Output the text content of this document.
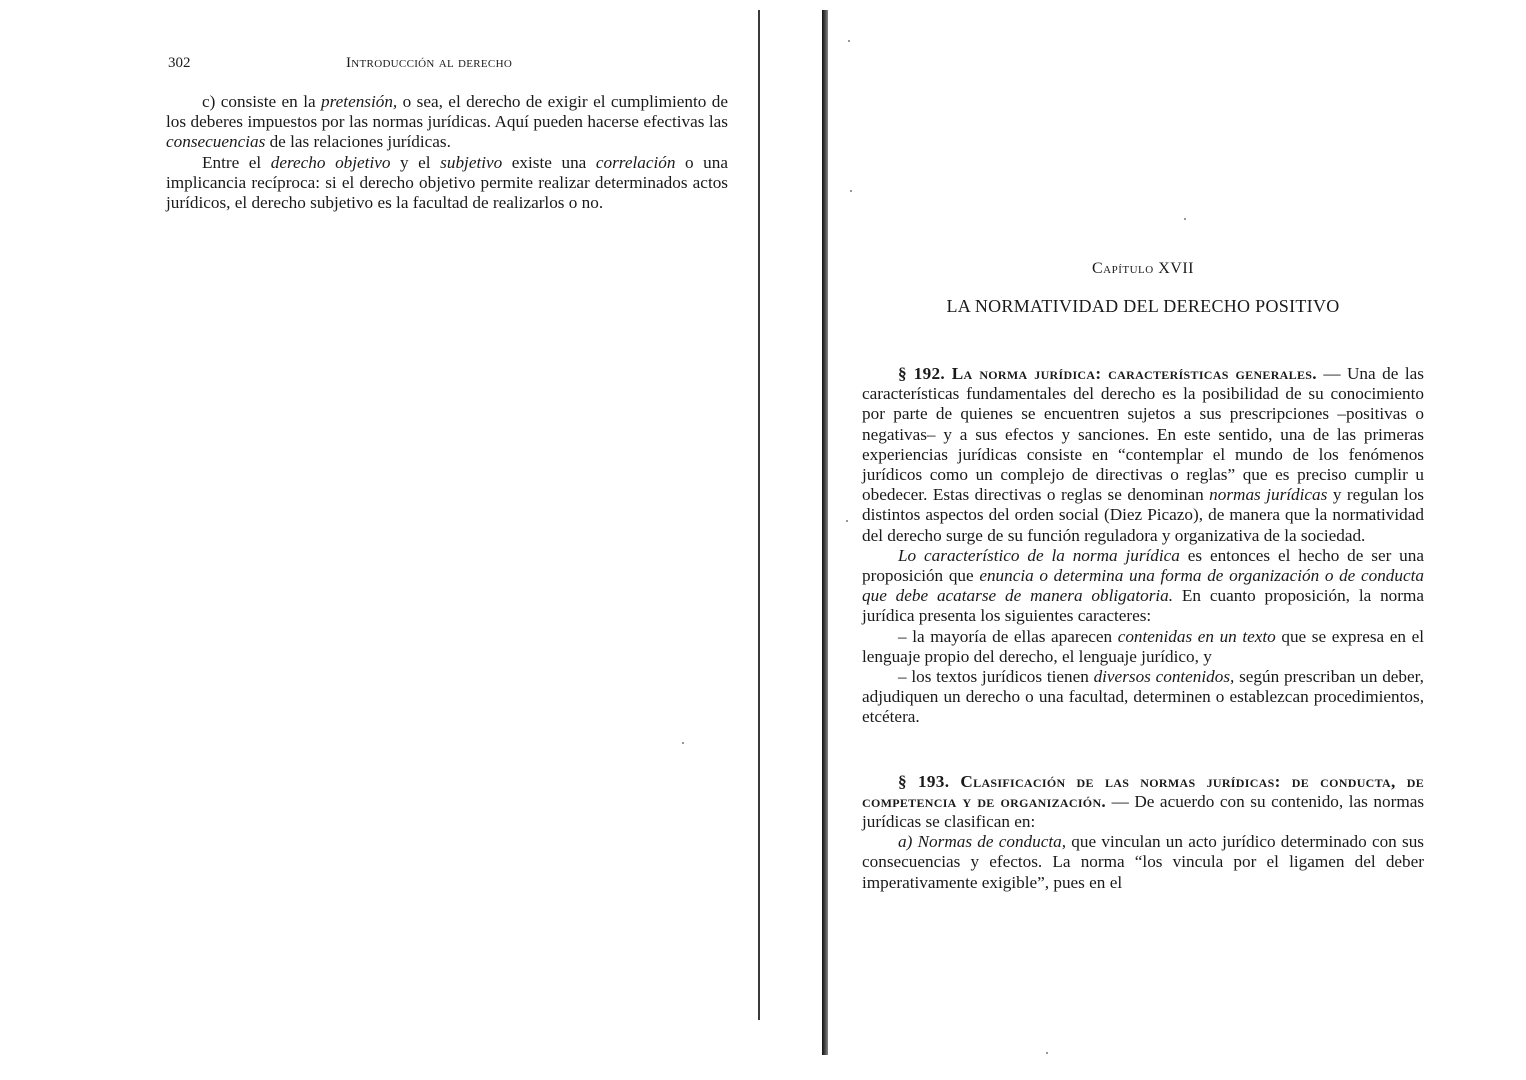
302	Introducción al derecho

c) consiste en la pretensión, o sea, el derecho de exigir el cumplimiento de los deberes impuestos por las normas jurídicas. Aquí pueden hacerse efectivas las consecuencias de las relaciones jurídicas.

Entre el derecho objetivo y el subjetivo existe una correlación o una implicancia recíproca: si el derecho objetivo permite realizar determinados actos jurídicos, el derecho subjetivo es la facultad de realizarlos o no.

Capítulo XVII
LA NORMATIVIDAD DEL DERECHO POSITIVO

§ 192. La norma jurídica: características generales. — Una de las características fundamentales del derecho es la posibilidad de su conocimiento por parte de quienes se encuentren sujetos a sus prescripciones –positivas o negativas– y a sus efectos y sanciones. En este sentido, una de las primeras experiencias jurídicas consiste en “contemplar el mundo de los fenómenos jurídicos como un complejo de directivas o reglas” que es preciso cumplir u obedecer. Estas directivas o reglas se denominan normas jurídicas y regulan los distintos aspectos del orden social (Diez Picazo), de manera que la normatividad del derecho surge de su función reguladora y organizativa de la sociedad.

Lo característico de la norma jurídica es entonces el hecho de ser una proposición que enuncia o determina una forma de organización o de conducta que debe acatarse de manera obligatoria. En cuanto proposición, la norma jurídica presenta los siguientes caracteres:

– la mayoría de ellas aparecen contenidas en un texto que se expresa en el lenguaje propio del derecho, el lenguaje jurídico, y

– los textos jurídicos tienen diversos contenidos, según prescriban un deber, adjudiquen un derecho o una facultad, determinen o establezcan procedimientos, etcétera.

§ 193. Clasificación de las normas jurídicas: de conducta, de competencia y de organización. — De acuerdo con su contenido, las normas jurídicas se clasifican en:

a) Normas de conducta, que vinculan un acto jurídico determinado con sus consecuencias y efectos. La norma “los vincula por el ligamen del deber imperativamente exigible”, pues en el
